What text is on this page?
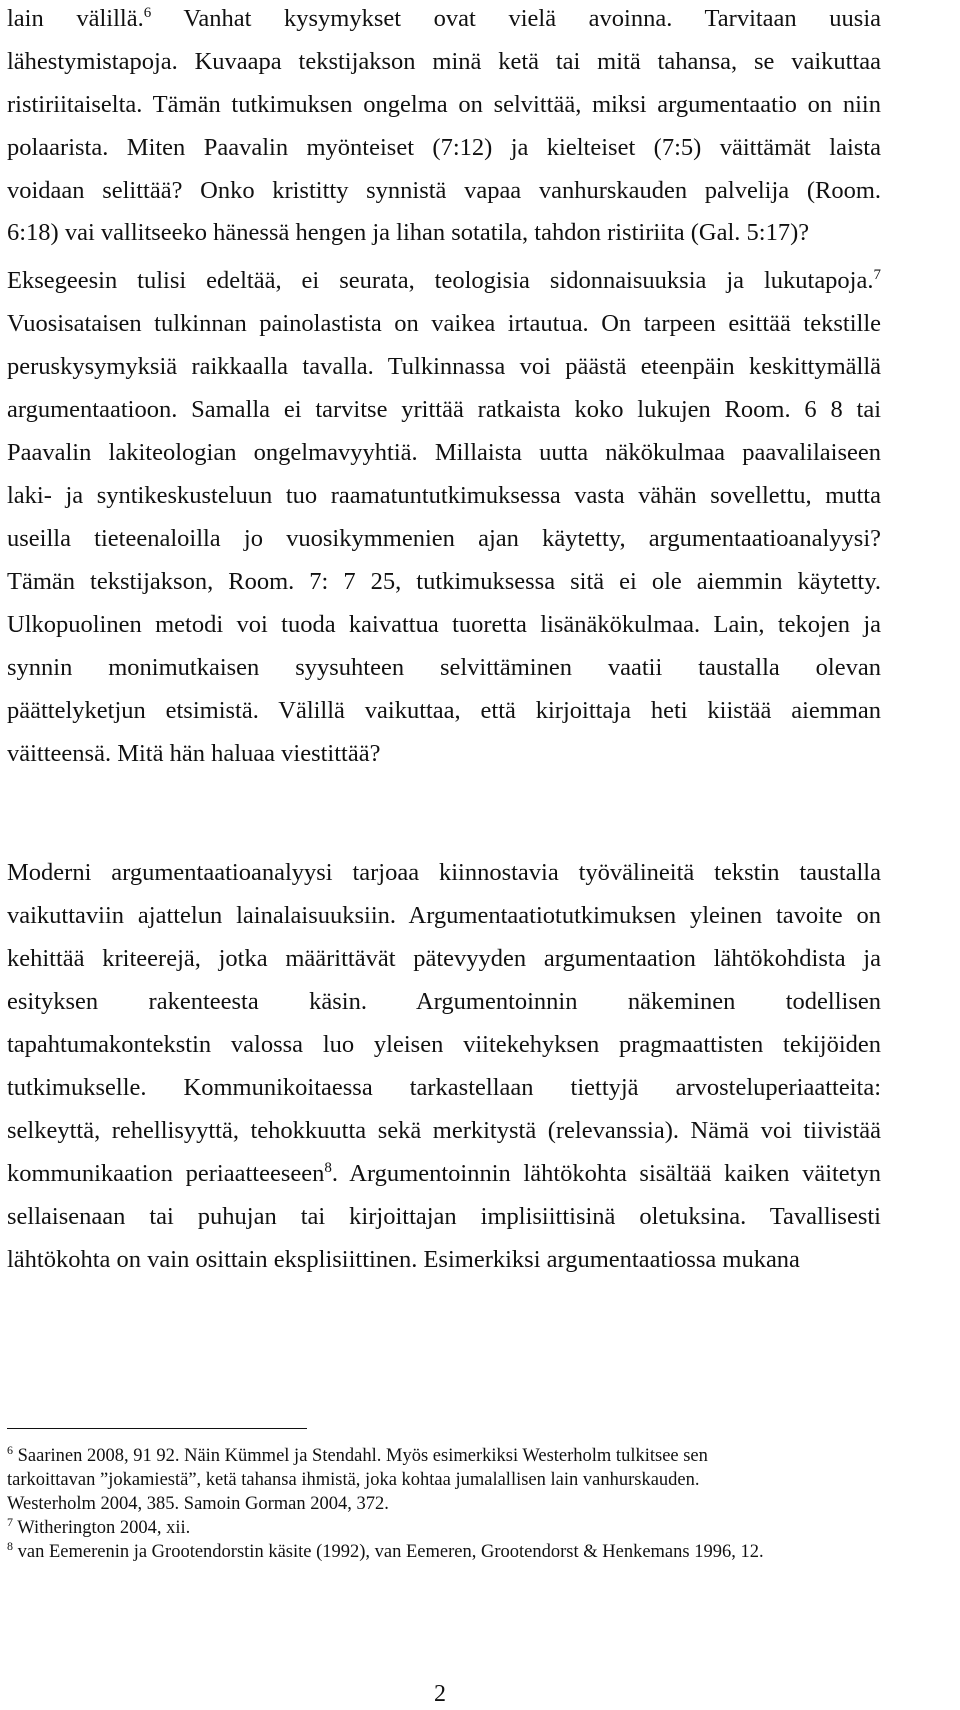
lain välillä.$^6$ Vanhat kysymykset ovat vielä avoinna. Tarvitaan uusia
lähestymistapoja. Kuvaapa tekstijakson minä ketä tai mitä tahansa, se vaikuttaa
ristiriitaiselta. Tämän tutkimuksen ongelma on selvittää, miksi argumentaatio on niin
polaarista. Miten Paavalin myönteiset (7:12) ja kielteiset (7:5) väittämät laista
voidaan selittää? Onko kristitty synnistä vapaa vanhurskauden palvelija (Room.
6:18) vai vallitseeko hänessä hengen ja lihan sotatila, tahdon ristiriita (Gal. 5:17)?
Eksegeesin tulisi edeltää, ei seurata, teologisia sidonnaisuuksia ja lukutapoja.$^7$
Vuosisataisen tulkinnan painolastista on vaikea irtautua. On tarpeen esittää tekstille
peruskysymyksiä raikkaalla tavalla. Tulkinnassa voi päästä eteenpäin keskittymällä
argumentaatioon. Samalla ei tarvitse yrittää ratkaista koko lukujen Room. 6 8 tai
Paavalin lakiteologian ongelmavyyhtiä. Millaista uutta näkökulmaa paavalilaiseen
laki- ja syntikeskusteluun tuo raamatuntutkimuksessa vasta vähän sovellettu, mutta
useilla tieteenaloilla jo vuosikymmenien ajan käytetty, argumentaatioanalyysi?
Tämän tekstijakson, Room. 7: 7 25, tutkimuksessa sitä ei ole aiemmin käytetty.
Ulkopuolinen metodi voi tuoda kaivattua tuoretta lisänäkökulmaa. Lain, tekojen ja
synnin monimutkaisen syysuhteen selvittäminen vaatii taustalla olevan
päättelyketjun etsimistä. Välillä vaikuttaa, että kirjoittaja heti kiistää aiemman
väitteensä. Mitä hän haluaa viestittää?
Moderni argumentaatioanalyysi tarjoaa kiinnostavia työvälineitä tekstin taustalla
vaikuttaviin ajattelun lainalaisuuksiin. Argumentaatiotutkimuksen yleinen tavoite on
kehittää kriteerejä, jotka määrittävät pätevyyden argumentaation lähtökohdista ja
esityksen rakenteesta käsin. Argumentoinnin näkeminen todellisen
tapahtumakontekstin valossa luo yleisen viitekehyksen pragmaattisten tekijöiden
tutkimukselle. Kommunikoitaessa tarkastellaan tiettyjä arvosteluperiaatteita:
selkeyttä, rehellisyyttä, tehokkuutta sekä merkitystä (relevanssia). Nämä voi tiivistää
kommunikaation periaatteeseen$^8$. Argumentoinnin lähtökohta sisältää kaiken väitetyn
sellaisenaan tai puhujan tai kirjoittajan implisiittisinä oletuksina. Tavallisesti
lähtökohta on vain osittain eksplisiittinen. Esimerkiksi argumentaatiossa mukana
$^6$ Saarinen 2008, 91 92. Näin Kümmel ja Stendahl. Myös esimerkiksi Westerholm tulkitsee sen
tarkoittavan ”jokamiestä”, ketä tahansa ihmistä, joka kohtaa jumalallisen lain vanhurskauden.
Westerholm 2004, 385. Samoin Gorman 2004, 372.
$^7$ Witherington 2004, xii.
$^8$ van Eemerenin ja Grootendorstin käsite (1992), van Eemeren, Grootendorst & Henkemans 1996, 12.
2
